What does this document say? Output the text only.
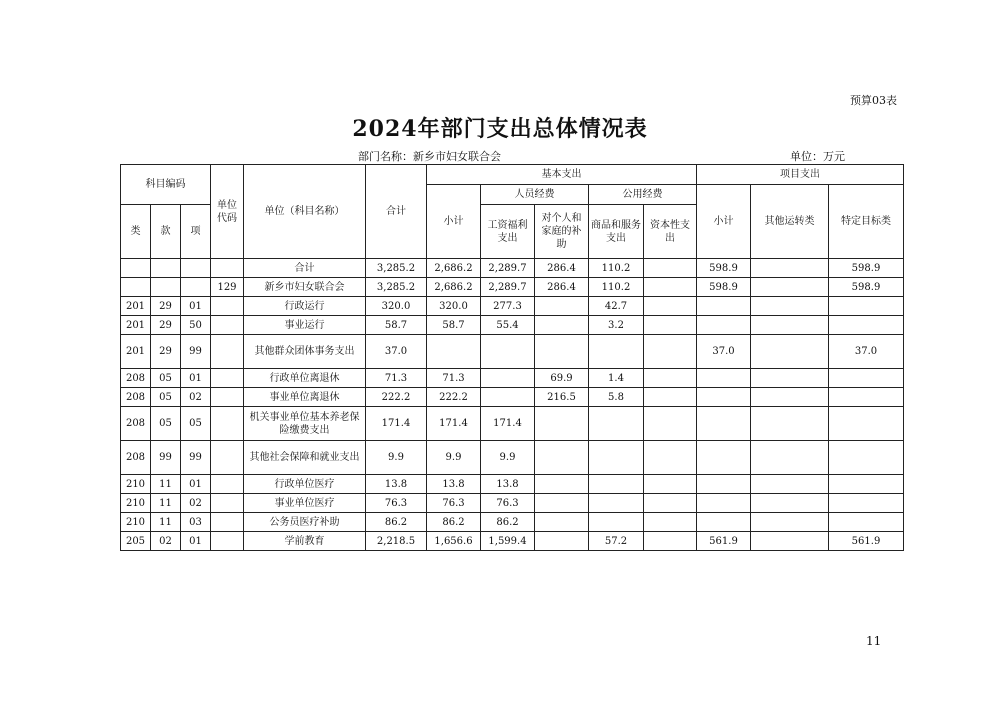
预算03表
2024年部门支出总体情况表
部门名称：新乡市妇女联合会	单位：万元
科目编码			单位代码	单位（科目名称）	合计	基本支出					项目支出		
						小计	人员经费		公用经费		小计	其他运转类	特定目标类
类	款	项					工资福利支出	对个人和家庭的补助	商品和服务支出	资本性支出			
				合计	3,285.2	2,686.2	2,289.7	286.4	110.2		598.9		598.9
			129	新乡市妇女联合会	3,285.2	2,686.2	2,289.7	286.4	110.2		598.9		598.9
201	29	01		行政运行	320.0	320.0	277.3		42.7				
201	29	50		事业运行	58.7	58.7	55.4		3.2				
201	29	99		其他群众团体事务支出	37.0						37.0		37.0
208	05	01		行政单位离退休	71.3	71.3		69.9	1.4				
208	05	02		事业单位离退休	222.2	222.2		216.5	5.8				
208	05	05		机关事业单位基本养老保险缴费支出	171.4	171.4	171.4						
208	99	99		其他社会保障和就业支出	9.9	9.9	9.9						
210	11	01		行政单位医疗	13.8	13.8	13.8						
210	11	02		事业单位医疗	76.3	76.3	76.3						
210	11	03		公务员医疗补助	86.2	86.2	86.2						
205	02	01		学前教育	2,218.5	1,656.6	1,599.4		57.2		561.9		561.9
11
